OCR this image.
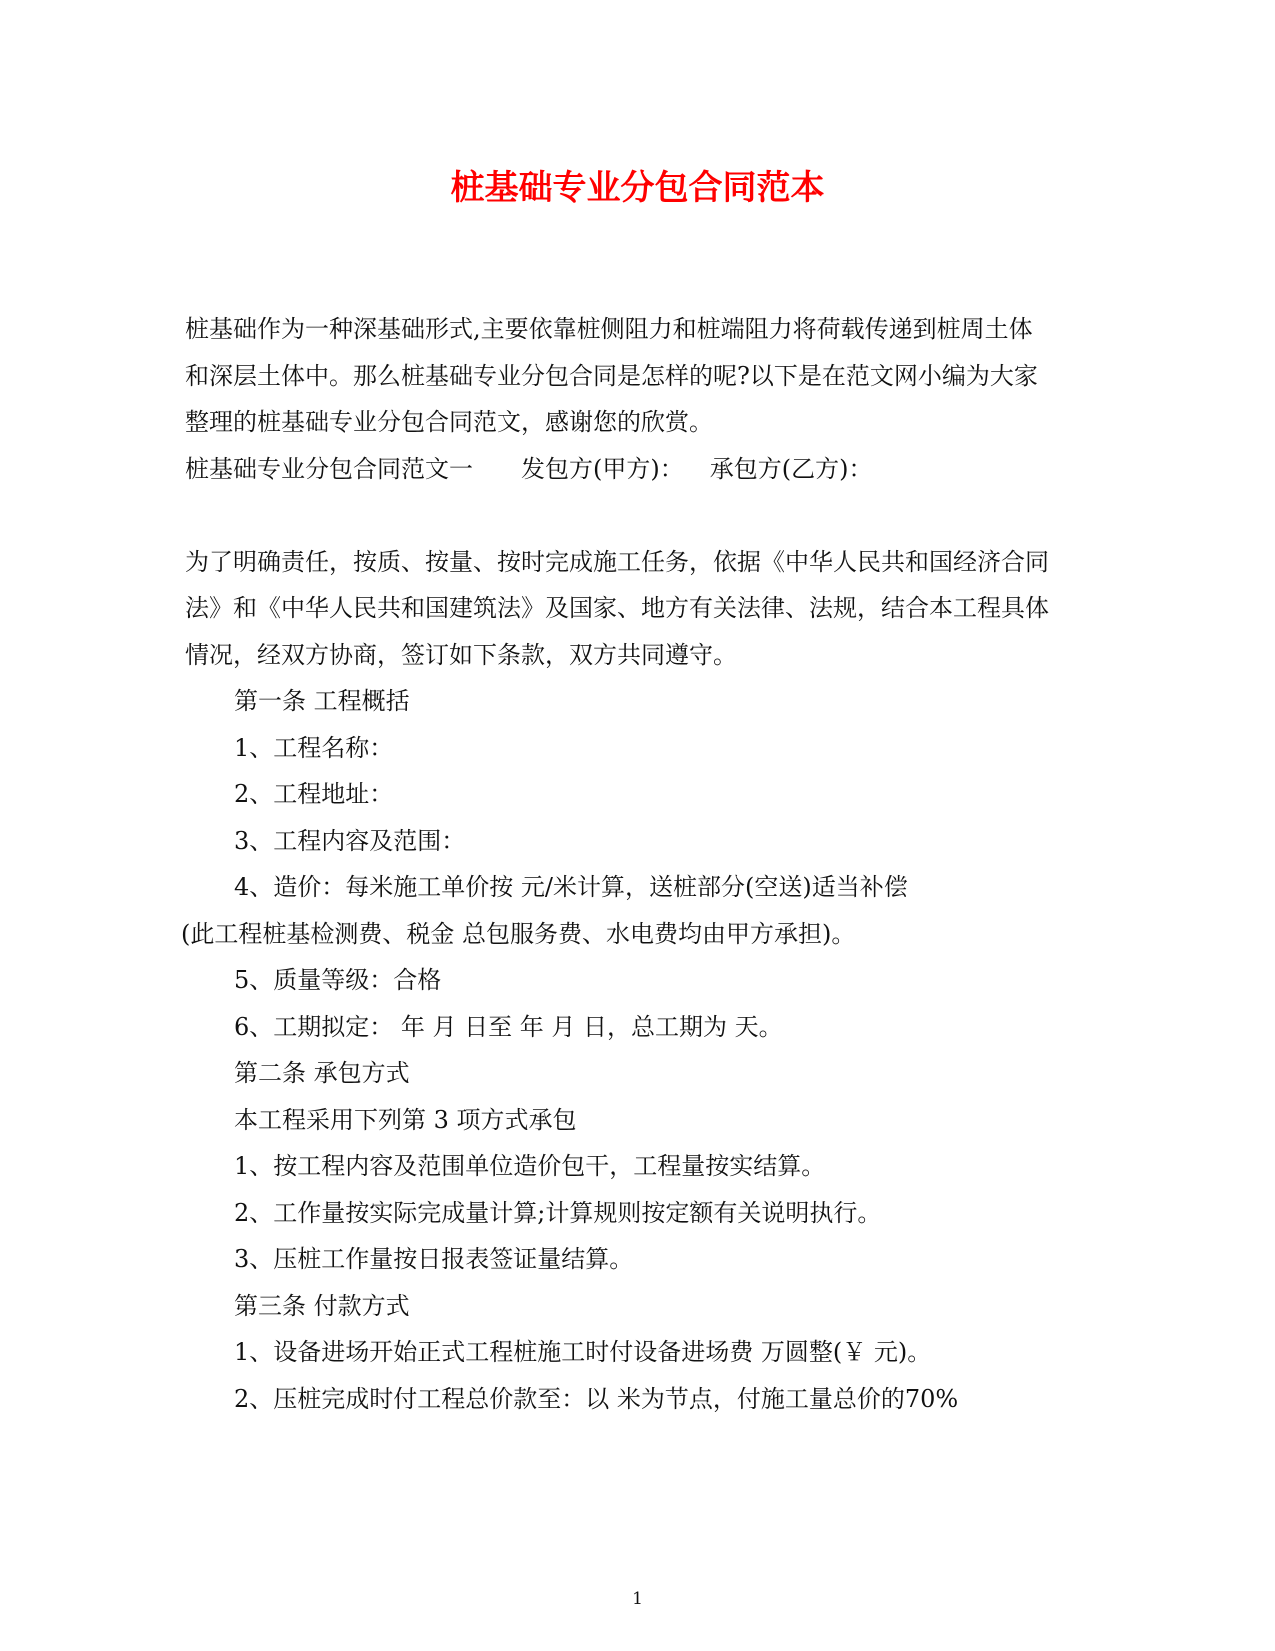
桩基础专业分包合同范本
桩基础作为一种深基础形式,主要依靠桩侧阻力和桩端阻力将荷载传递到桩周土体
和深层土体中。那么桩基础专业分包合同是怎样的呢?以下是在范文网小编为大家
整理的桩基础专业分包合同范文，感谢您的欣赏。
桩基础专业分包合同范文一 发包方(甲方)： 承包方(乙方)：
为了明确责任，按质、按量、按时完成施工任务，依据《中华人民共和国经济合同
法》和《中华人民共和国建筑法》及国家、地方有关法律、法规，结合本工程具体
情况，经双方协商，签订如下条款，双方共同遵守。
第一条 工程概括
1、工程名称：
2、工程地址：
3、工程内容及范围：
4、造价：每米施工单价按 元/米计算，送桩部分(空送)适当补偿
(此工程桩基检测费、税金 总包服务费、水电费均由甲方承担)。
5、质量等级：合格
6、工期拟定： 年 月 日至 年 月 日，总工期为 天。
第二条 承包方式
本工程采用下列第 3 项方式承包
1、按工程内容及范围单位造价包干，工程量按实结算。
2、工作量按实际完成量计算;计算规则按定额有关说明执行。
3、压桩工作量按日报表签证量结算。
第三条 付款方式
1、设备进场开始正式工程桩施工时付设备进场费 万圆整(￥ 元)。
2、压桩完成时付工程总价款至：以 米为节点，付施工量总价的70%
1
